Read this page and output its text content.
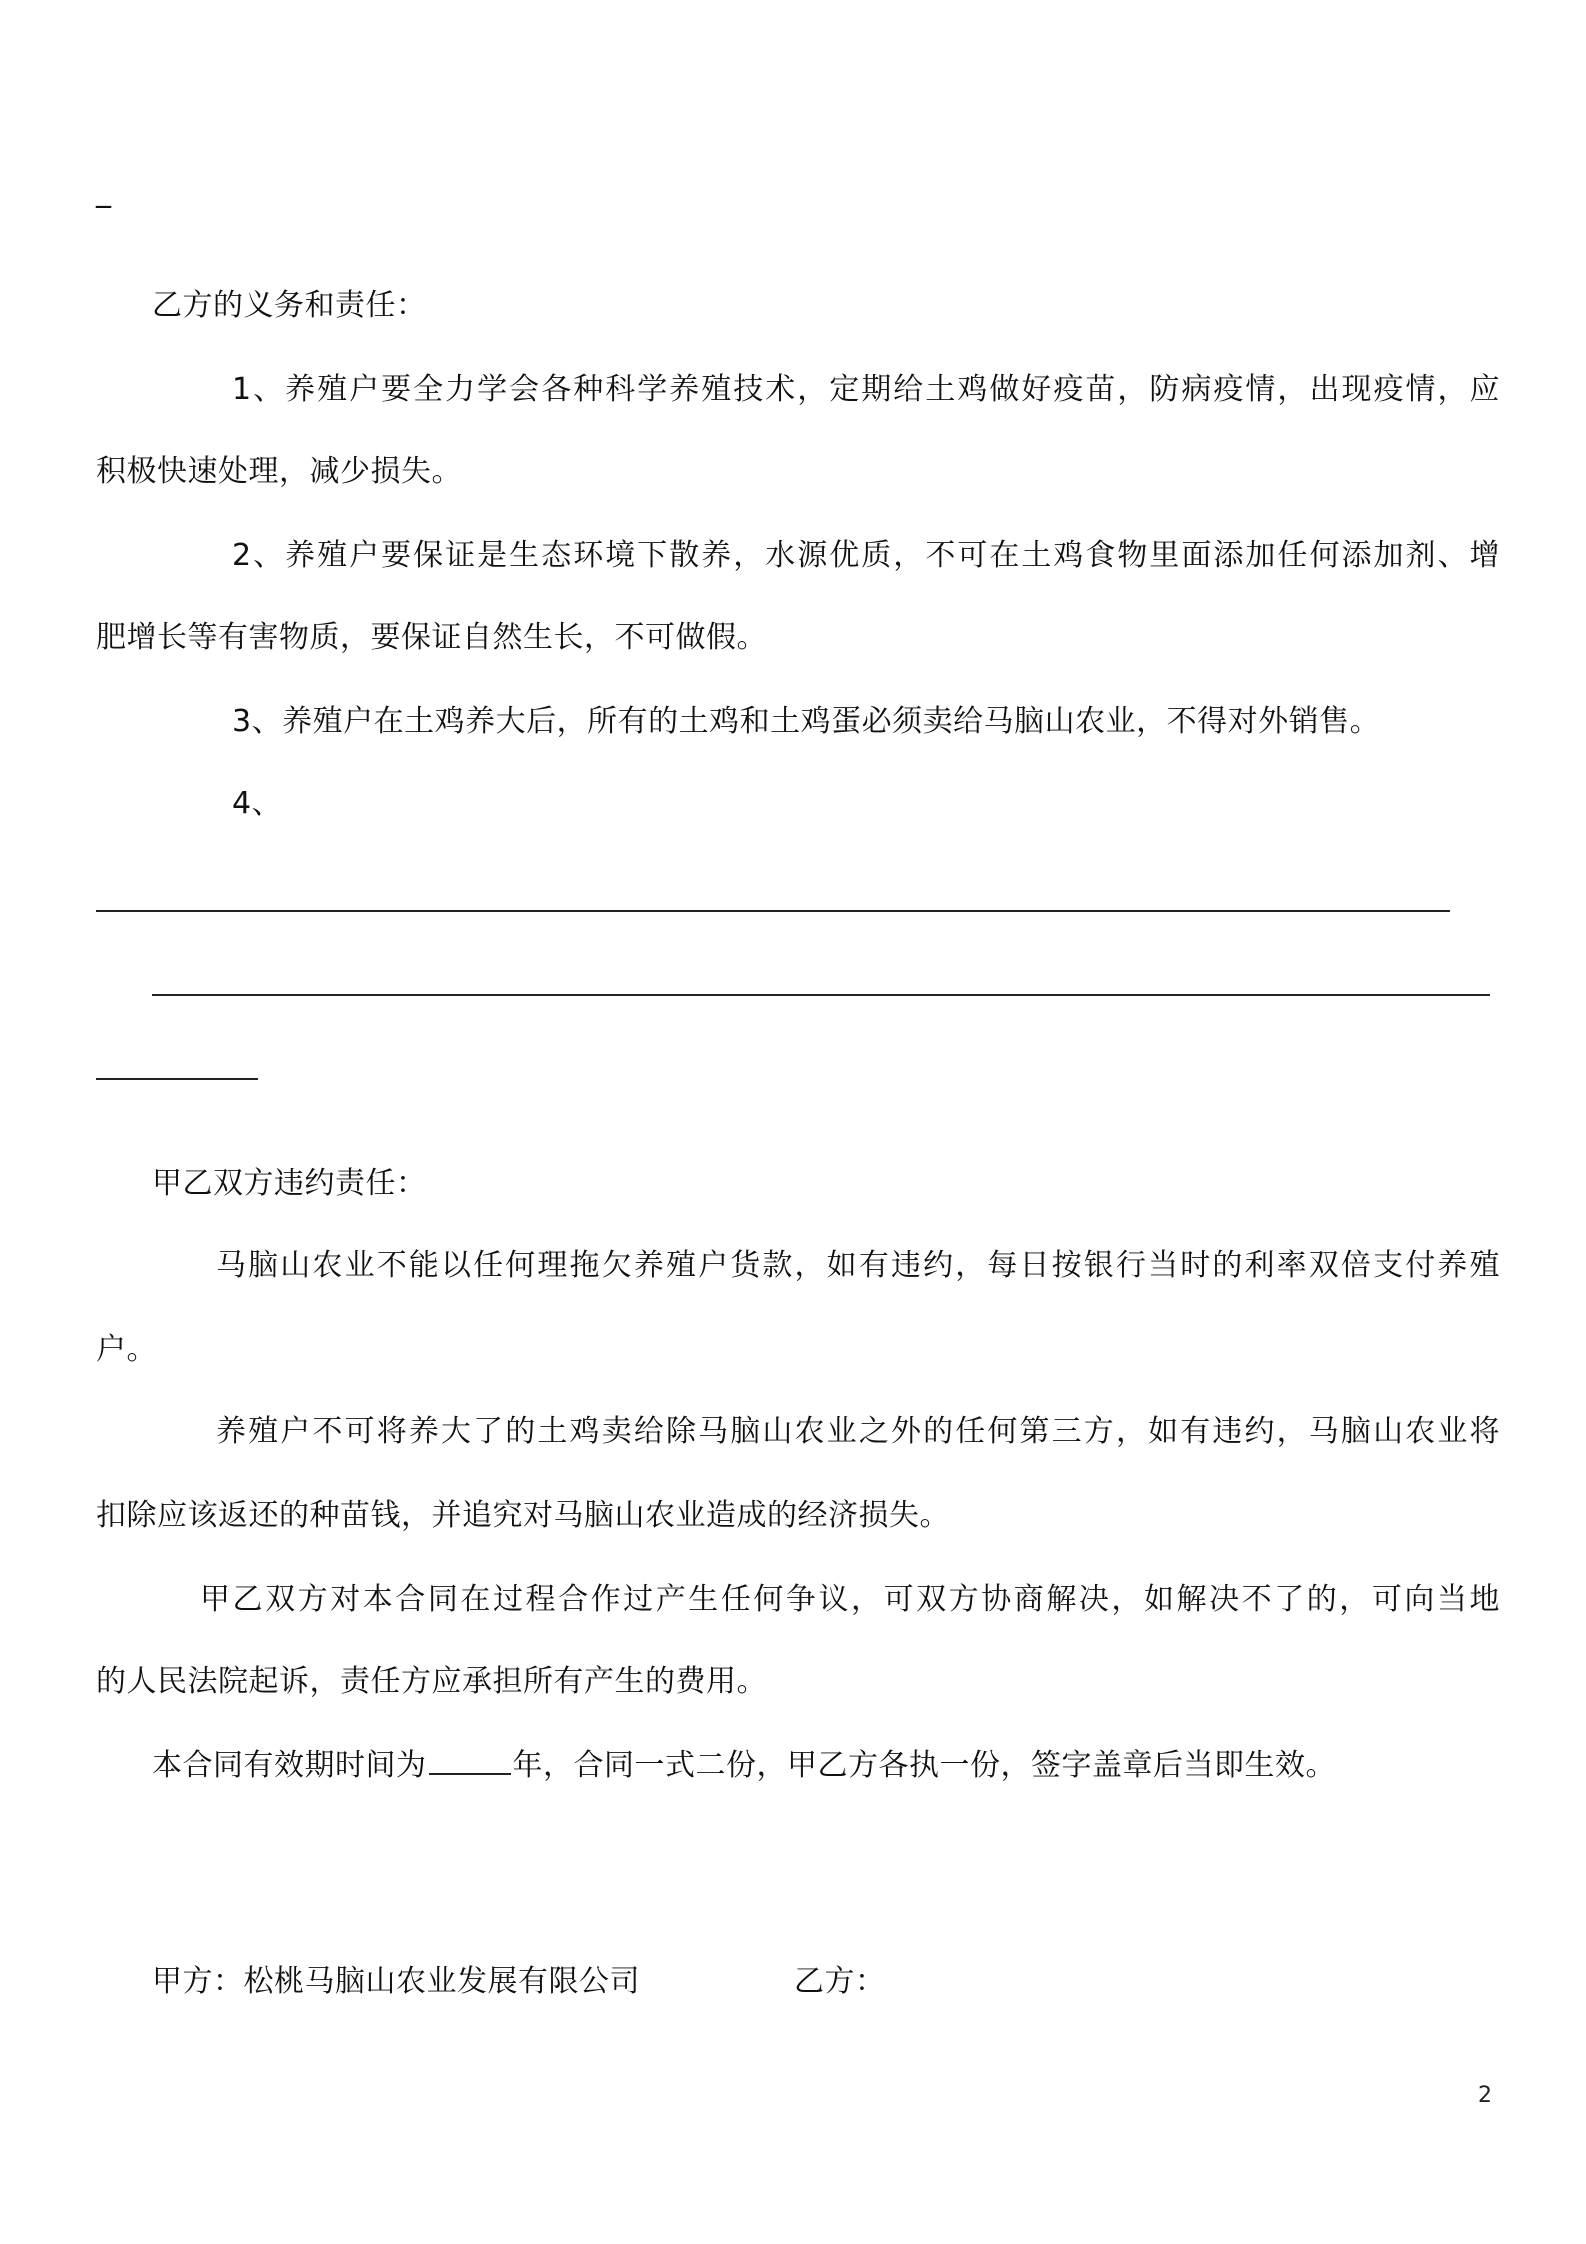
_
乙方的义务和责任：
1、养殖户要全力学会各种科学养殖技术，定期给土鸡做好疫苗，防病疫情，出现疫情，应
积极快速处理，减少损失。
2、养殖户要保证是生态环境下散养，水源优质，不可在土鸡食物里面添加任何添加剂、增
肥增长等有害物质，要保证自然生长，不可做假。
3、养殖户在土鸡养大后，所有的土鸡和土鸡蛋必须卖给马脑山农业，不得对外销售。
4、
甲乙双方违约责任：
马脑山农业不能以任何理拖欠养殖户货款，如有违约，每日按银行当时的利率双倍支付养殖
户。
养殖户不可将养大了的土鸡卖给除马脑山农业之外的任何第三方，如有违约，马脑山农业将
扣除应该返还的种苗钱，并追究对马脑山农业造成的经济损失。
甲乙双方对本合同在过程合作过产生任何争议，可双方协商解决，如解决不了的，可向当地
的人民法院起诉，责任方应承担所有产生的费用。
本合同有效期时间为	年，合同一式二份，甲乙方各执一份，签字盖章后当即生效。
甲方：松桃马脑山农业发展有限公司	乙方：
2
